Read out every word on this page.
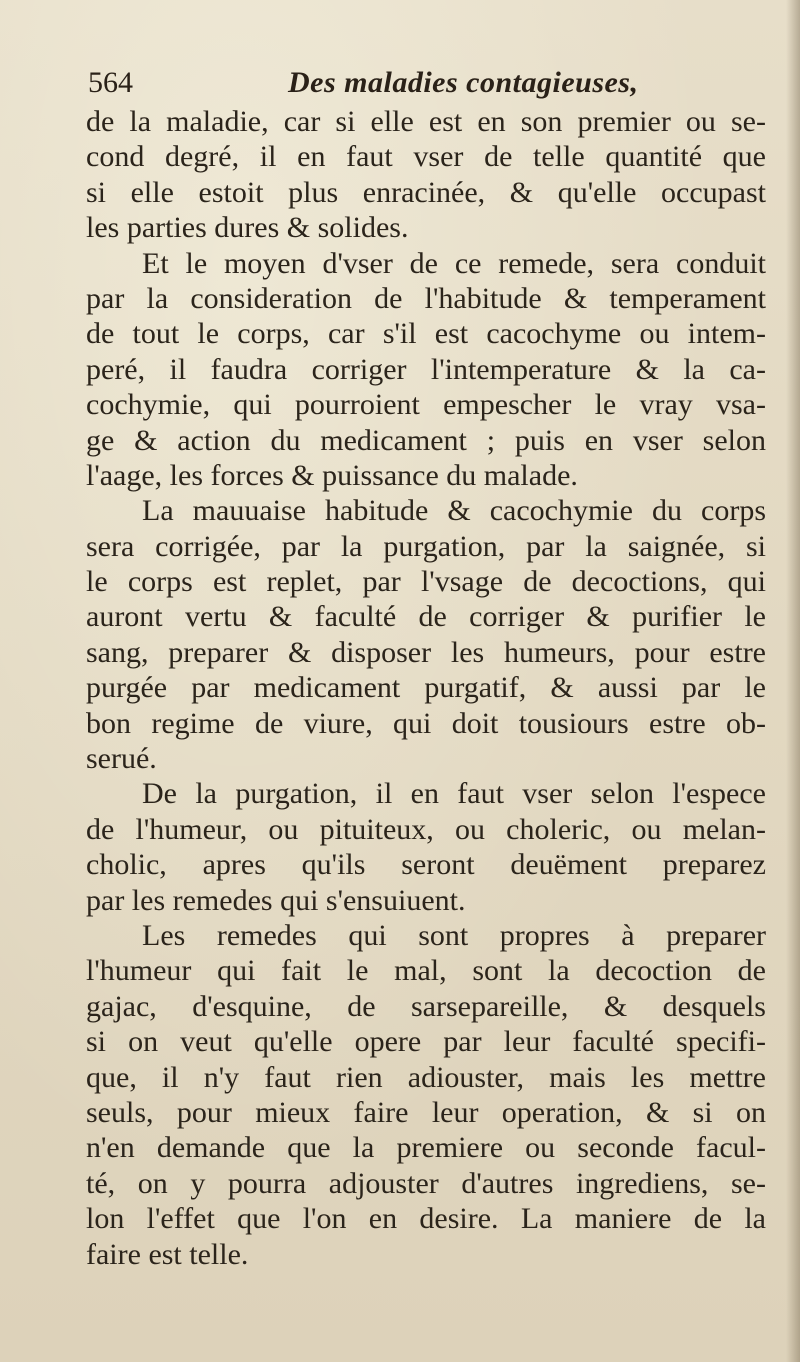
564	Des maladies contagieuses,
de la maladie, car si elle est en son premier ou se-
cond degré, il en faut vser de telle quantité que
si elle estoit plus enracinée, & qu'elle occupast
les parties dures & solides.
Et le moyen d'vser de ce remede, sera conduit
par la consideration de l'habitude & temperament
de tout le corps, car s'il est cacochyme ou intem-
peré, il faudra corriger l'intemperature & la ca-
cochymie, qui pourroient empescher le vray vsa-
ge & action du medicament ; puis en vser selon
l'aage, les forces & puissance du malade.
La mauuaise habitude & cacochymie du corps
sera corrigée, par la purgation, par la saignée, si
le corps est replet, par l'vsage de decoctions, qui
auront vertu & faculté de corriger & purifier le
sang, preparer & disposer les humeurs, pour estre
purgée par medicament purgatif, & aussi par le
bon regime de viure, qui doit tousiours estre ob-
serué.
De la purgation, il en faut vser selon l'espece
de l'humeur, ou pituiteux, ou choleric, ou melan-
cholic, apres qu'ils seront deuëment preparez
par les remedes qui s'ensuiuent.
Les remedes qui sont propres à preparer
l'humeur qui fait le mal, sont la decoction de
gajac, d'esquine, de sarsepareille, & desquels
si on veut qu'elle opere par leur faculté specifi-
que, il n'y faut rien adiouster, mais les mettre
seuls, pour mieux faire leur operation, & si on
n'en demande que la premiere ou seconde facul-
té, on y pourra adjouster d'autres ingrediens, se-
lon l'effet que l'on en desire. La maniere de la
faire est telle.
